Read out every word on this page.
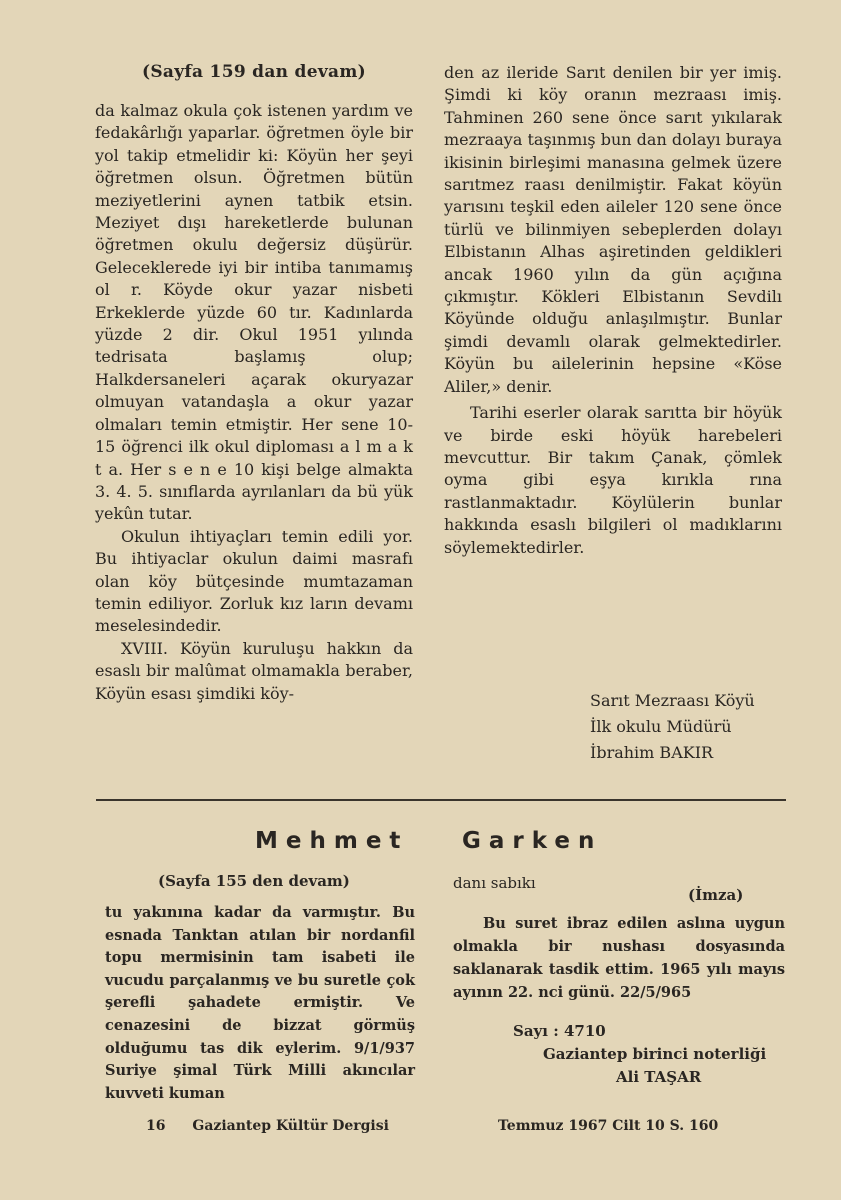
(Sayfa 159 dan devam)

da kalmaz okula çok istenen yardım ve fedakârlığı yaparlar. öğretmen öyle bir yol takip etmelidir ki: Köyün her şeyi öğretmen olsun. Öğretmen bütün meziyetlerini aynen tatbik etsin. Meziyet dışı hareketlerde bulunan öğretmen okulu değersiz düşürür. Geleceklerede iyi bir intiba tanımamış ol r. Köyde okur yazar nisbeti Erkeklerde yüzde 60 tır. Kadınlarda yüzde 2 dir. Okul 1951 yılında tedrisata başlamış olup; Halkdersaneleri açarak okuryazar olmuyan vatandaşla a okur yazar olmaları temin etmiştir. Her sene 10-15 öğrenci ilk okul diploması a l m a k t a. Her s e n e 10 kişi belge almakta 3. 4. 5. sınıflarda ayrılanları da bü yük yekûn tutar.

Okulun ihtiyaçları temin edili yor. Bu ihtiyaclar okulun daimi masrafı olan köy bütçesinde mumtazaman temin ediliyor. Zorluk kız ların devamı meselesindedir.

XVIII. Köyün kuruluşu hakkın da esaslı bir malûmat olmamakla beraber, Köyün esası şimdiki köy-

den az ileride Sarıt denilen bir yer imiş. Şimdi ki köy oranın mezraası imiş. Tahminen 260 sene önce sarıt yıkılarak mezraaya taşınmış bun dan dolayı buraya ikisinin birleşimi manasına gelmek üzere sarıtmez raası denilmiştir. Fakat köyün yarısını teşkil eden aileler 120 sene önce türlü ve bilinmiyen sebeplerden dolayı Elbistanın Alhas aşiretinden geldikleri ancak 1960 yılın da gün açığına çıkmıştır. Kökleri Elbistanın Sevdilı Köyünde olduğu anlaşılmıştır. Bunlar şimdi devamlı olarak gelmektedirler. Köyün bu ailelerinin hepsine «Köse Aliler,» denir.

Tarihi eserler olarak sarıtta bir höyük ve birde eski höyük harebeleri mevcuttur. Bir takım Çanak, çömlek oyma gibi eşya kırıkla rına rastlanmaktadır. Köylülerin bunlar hakkında esaslı bilgileri ol madıklarını söylemektedirler.

Sarıt Mezraası Köyü
İlk okulu Müdürü
İbrahim BAKIR
Mehmet Garken
(Sayfa 155 den devam)
tu yakınına kadar da varmıştır. Bu esnada Tanktan atılan bir nordanfil topu mermisinin tam isabeti ile vucudu parçalanmış ve bu suretle çok şerefli şahadete ermiştir. Ve cenazesini de bizzat görmüş olduğumu tas dik eylerim. 9/1/937 Suriye şimal Türk Milli akıncılar kuvveti kuman
danı sabıkı
(İmza)

Bu suret ibraz edilen aslına uygun olmakla bir nushası dosyasında saklanarak tasdik ettim. 1965 yılı mayıs ayının 22. nci günü. 22/5/965

Sayı : 4710
Gaziantep birinci noterliği
Ali TAŞAR
16 Gaziantep Kültür Dergisi	Temmuz 1967 Cilt 10 S. 160
